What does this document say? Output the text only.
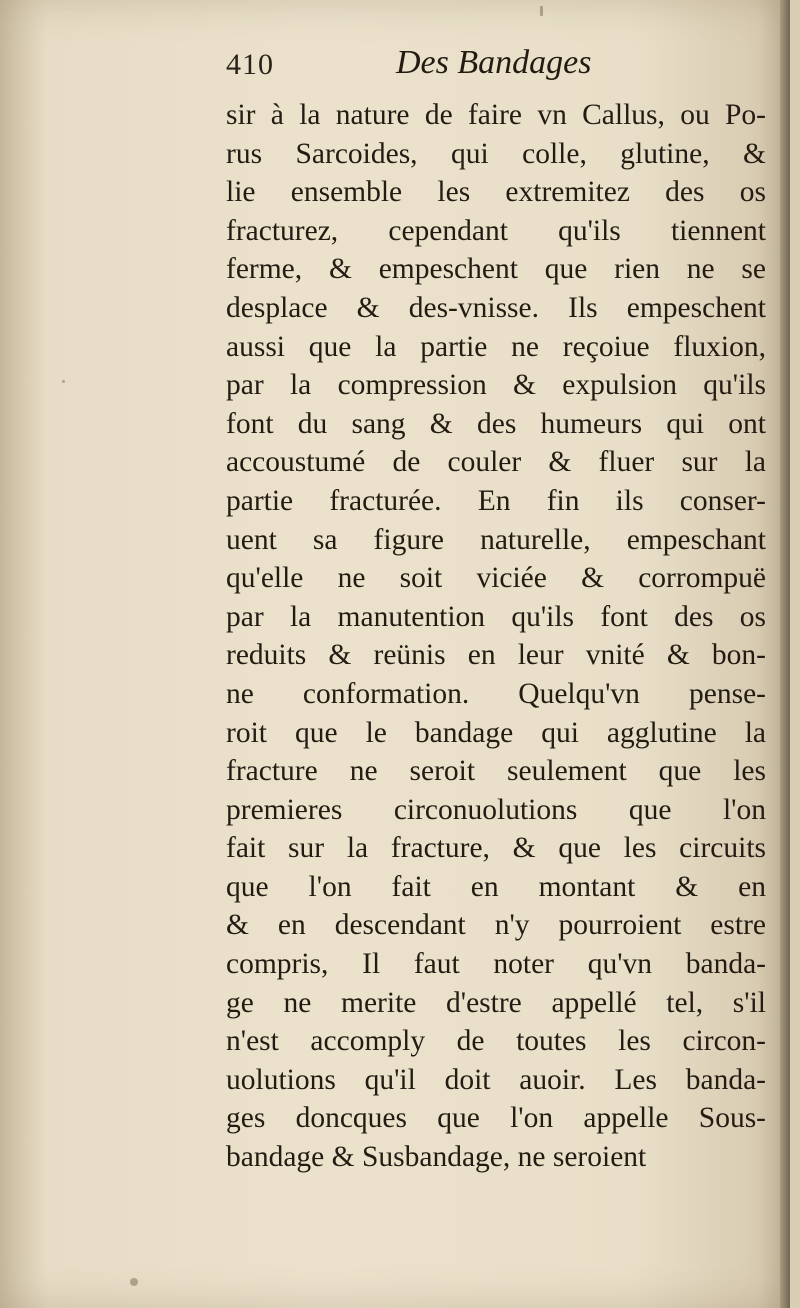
410	Des Bandages
sir à la nature de faire vn Callus, ou Po-
rus Sarcoides, qui colle, glutine, &
lie ensemble les extremitez des os
fracturez, cependant qu'ils tiennent
ferme, & empeschent que rien ne se
desplace & des-vnisse. Ils empeschent
aussi que la partie ne reçoiue fluxion,
par la compression & expulsion qu'ils
font du sang & des humeurs qui ont
accoustumé de couler & fluer sur la
partie fracturée. En fin ils conser-
uent sa figure naturelle, empeschant
qu'elle ne soit viciée & corrompuë
par la manutention qu'ils font des os
reduits & reünis en leur vnité & bon-
ne conformation. Quelqu'vn pense-
roit que le bandage qui agglutine la
fracture ne seroit seulement que les
premieres circonuolutions que l'on
fait sur la fracture, & que les circuits
que l'on fait en montant & en
& en descendant n'y pourroient estre
compris, Il faut noter qu'vn banda-
ge ne merite d'estre appellé tel, s'il
n'est accomply de toutes les circon-
uolutions qu'il doit auoir. Les banda-
ges doncques que l'on appelle Sous-
bandage & Susbandage, ne seroient
